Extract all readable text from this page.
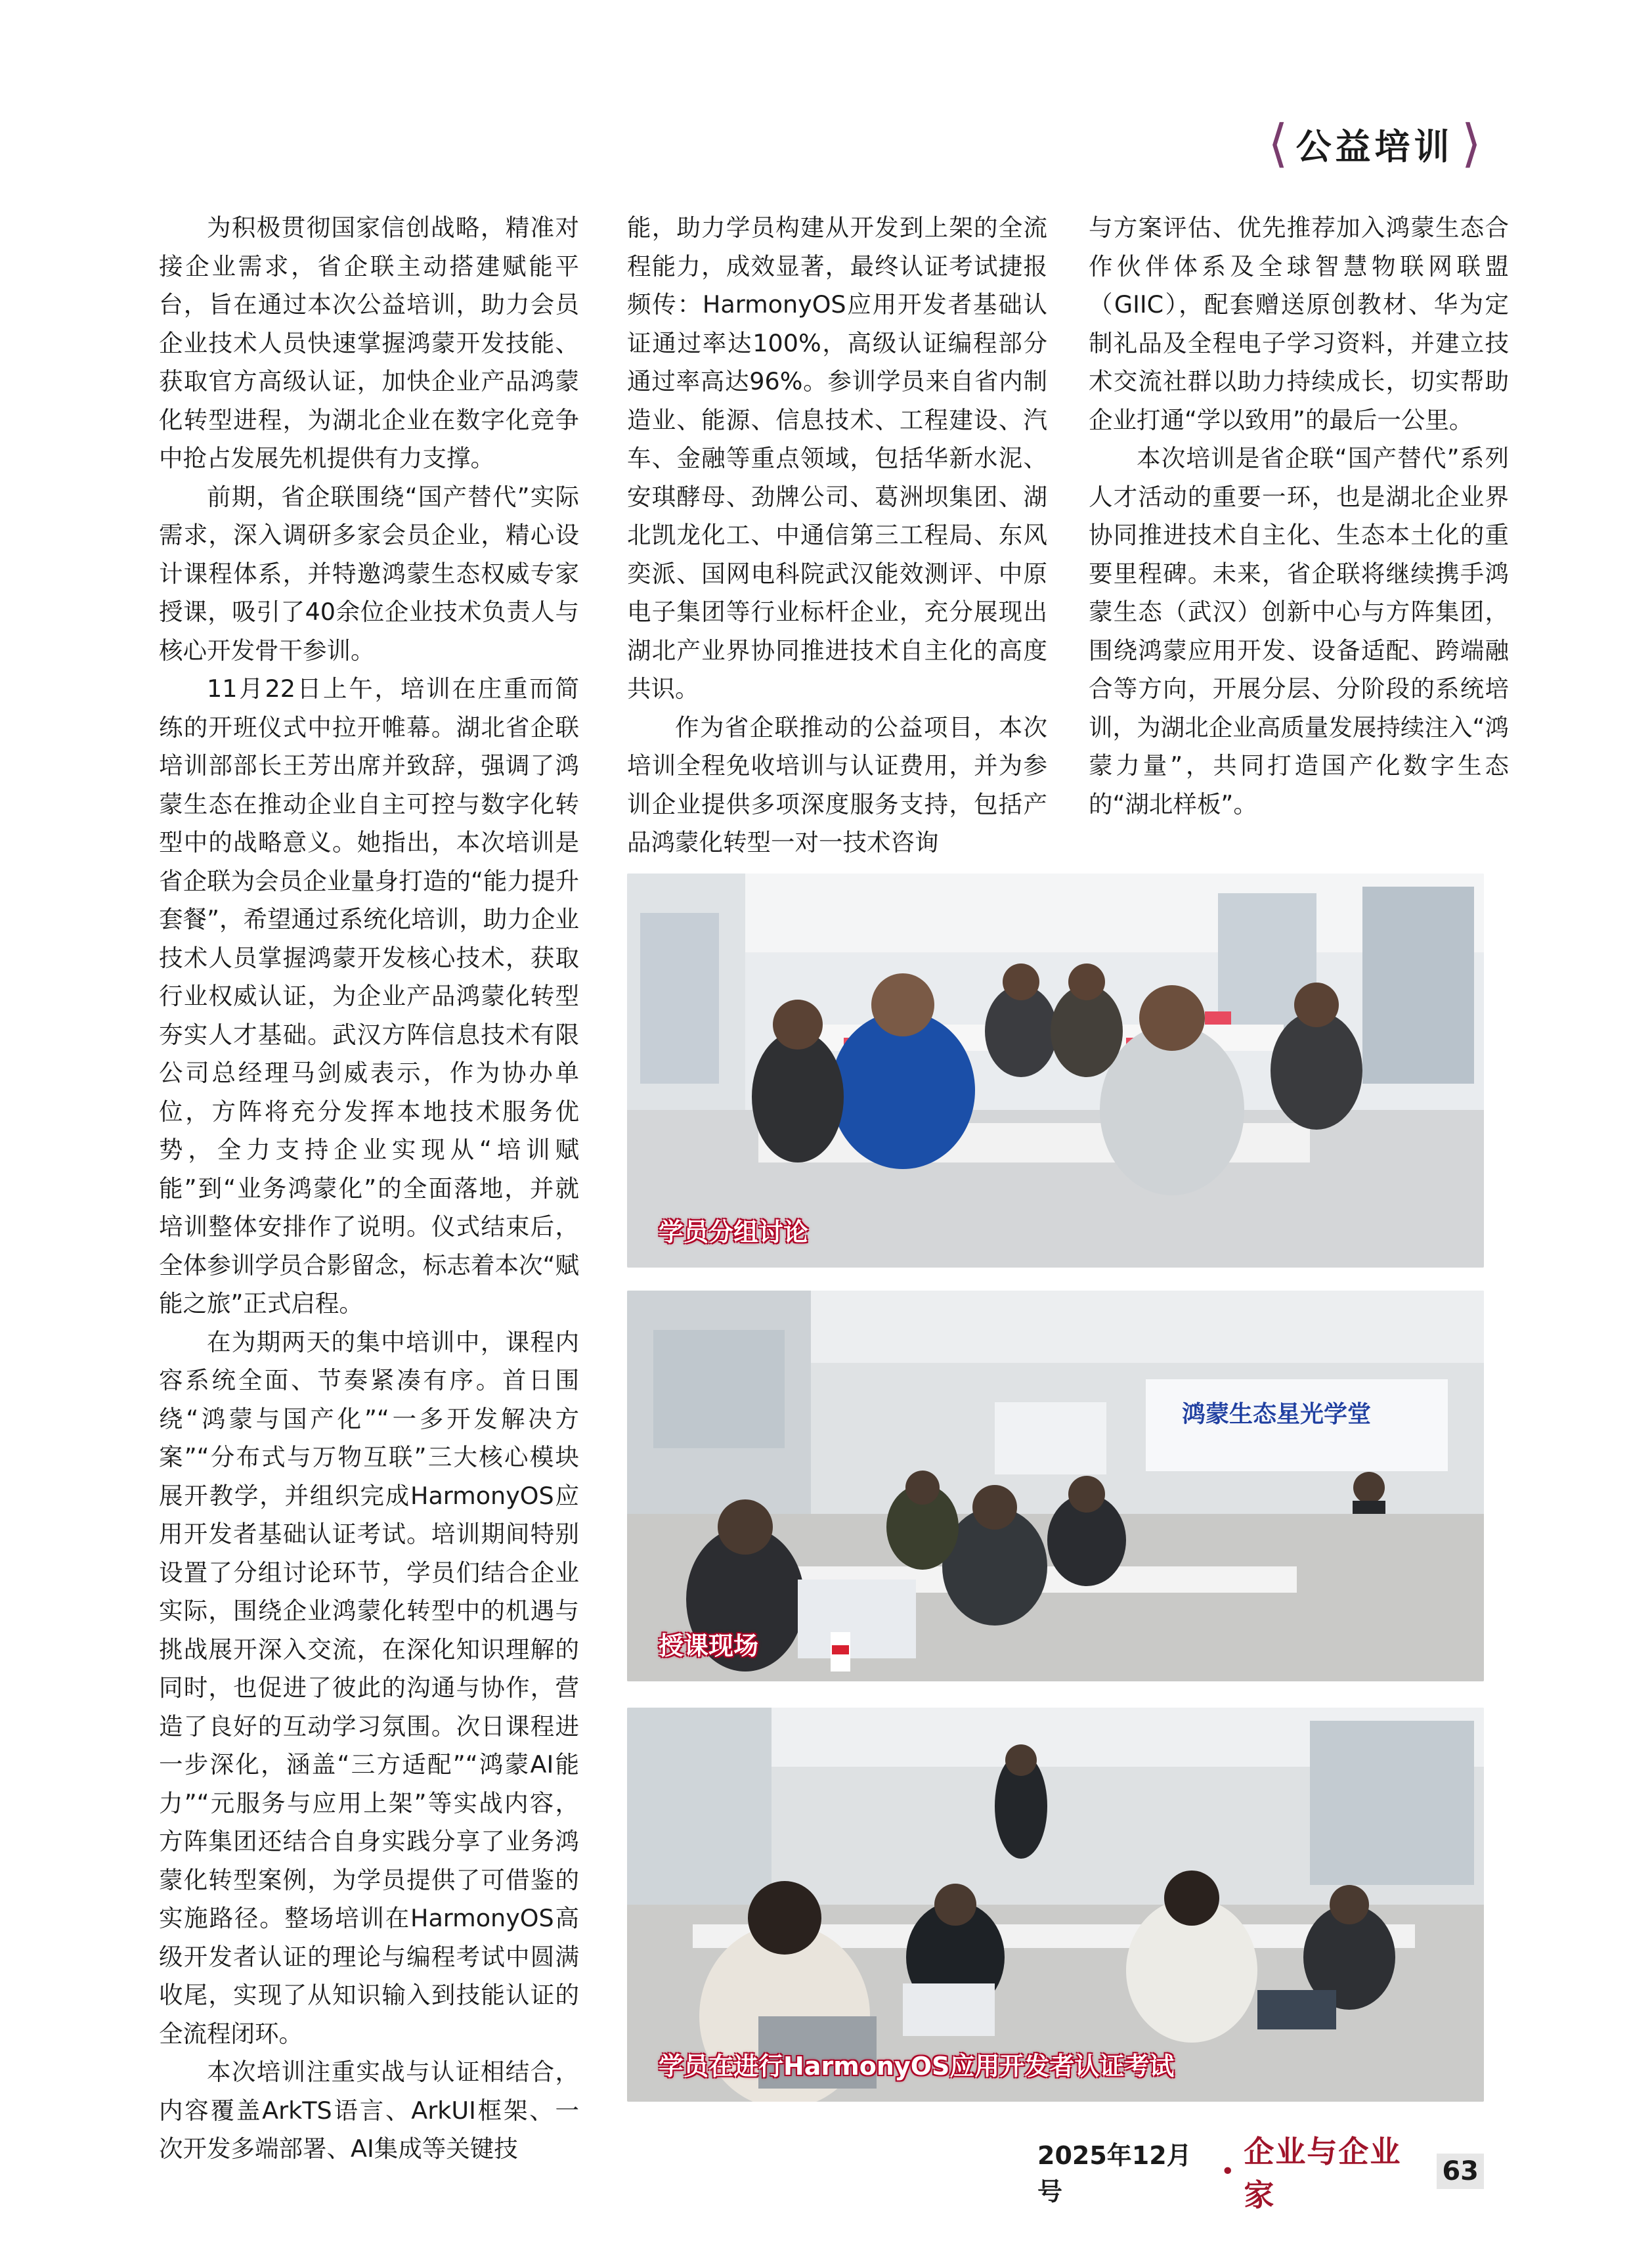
⟨ 公益培训 ⟩

为积极贯彻国家信创战略，精准对接企业需求，省企联主动搭建赋能平台，旨在通过本次公益培训，助力会员企业技术人员快速掌握鸿蒙开发技能、获取官方高级认证，加快企业产品鸿蒙化转型进程，为湖北企业在数字化竞争中抢占发展先机提供有力支撑。

前期，省企联围绕“国产替代”实际需求，深入调研多家会员企业，精心设计课程体系，并特邀鸿蒙生态权威专家授课，吸引了40余位企业技术负责人与核心开发骨干参训。

11月22日上午，培训在庄重而简练的开班仪式中拉开帷幕。湖北省企联培训部部长王芳出席并致辞，强调了鸿蒙生态在推动企业自主可控与数字化转型中的战略意义。她指出，本次培训是省企联为会员企业量身打造的“能力提升套餐”，希望通过系统化培训，助力企业技术人员掌握鸿蒙开发核心技术，获取行业权威认证，为企业产品鸿蒙化转型夯实人才基础。武汉方阵信息技术有限公司总经理马剑威表示，作为协办单位，方阵将充分发挥本地技术服务优势，全力支持企业实现从“培训赋能”到“业务鸿蒙化”的全面落地，并就培训整体安排作了说明。仪式结束后，全体参训学员合影留念，标志着本次“赋能之旅”正式启程。

在为期两天的集中培训中，课程内容系统全面、节奏紧凑有序。首日围绕“鸿蒙与国产化”“一多开发解决方案”“分布式与万物互联”三大核心模块展开教学，并组织完成HarmonyOS应用开发者基础认证考试。培训期间特别设置了分组讨论环节，学员们结合企业实际，围绕企业鸿蒙化转型中的机遇与挑战展开深入交流，在深化知识理解的同时，也促进了彼此的沟通与协作，营造了良好的互动学习氛围。次日课程进一步深化，涵盖“三方适配”“鸿蒙AI能力”“元服务与应用上架”等实战内容，方阵集团还结合自身实践分享了业务鸿蒙化转型案例，为学员提供了可借鉴的实施路径。整场培训在HarmonyOS高级开发者认证的理论与编程考试中圆满收尾，实现了从知识输入到技能认证的全流程闭环。

本次培训注重实战与认证相结合，内容覆盖ArkTS语言、ArkUI框架、一次开发多端部署、AI集成等关键技

能，助力学员构建从开发到上架的全流程能力，成效显著，最终认证考试捷报频传：HarmonyOS应用开发者基础认证通过率达100%，高级认证编程部分通过率高达96%。参训学员来自省内制造业、能源、信息技术、工程建设、汽车、金融等重点领域，包括华新水泥、安琪酵母、劲牌公司、葛洲坝集团、湖北凯龙化工、中通信第三工程局、东风奕派、国网电科院武汉能效测评、中原电子集团等行业标杆企业，充分展现出湖北产业界协同推进技术自主化的高度共识。

作为省企联推动的公益项目，本次培训全程免收培训与认证费用，并为参训企业提供多项深度服务支持，包括产品鸿蒙化转型一对一技术咨询

与方案评估、优先推荐加入鸿蒙生态合作伙伴体系及全球智慧物联网联盟（GIIC），配套赠送原创教材、华为定制礼品及全程电子学习资料，并建立技术交流社群以助力持续成长，切实帮助企业打通“学以致用”的最后一公里。

本次培训是省企联“国产替代”系列人才活动的重要一环，也是湖北企业界协同推进技术自主化、生态本土化的重要里程碑。未来，省企联将继续携手鸿蒙生态（武汉）创新中心与方阵集团，围绕鸿蒙应用开发、设备适配、跨端融合等方向，开展分层、分阶段的系统培训，为湖北企业高质量发展持续注入“鸿蒙力量”，共同打造国产化数字生态的“湖北样板”。

学员分组讨论
鸿蒙生态星光学堂
授课现场
学员在进行HarmonyOS应用开发者认证考试
2025年12月号
•
企业与企业家
63
